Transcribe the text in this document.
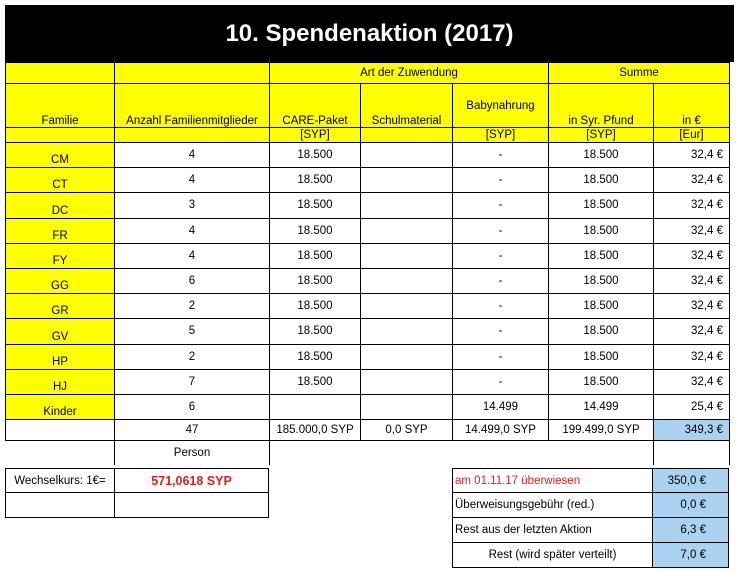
10. Spendenaktion (2017)
		Art der Zuwendung			Summe	
Familie	Anzahl Familienmitglieder	CARE-Paket	Schulmaterial	Babynahrung	in Syr. Pfund	in €
		[SYP]		[SYP]	[SYP]	[Eur]
CM	4	18.500		-	18.500	32,4 €
CT	4	18.500		-	18.500	32,4 €
DC	3	18.500		-	18.500	32,4 €
FR	4	18.500		-	18.500	32,4 €
FY	4	18.500		-	18.500	32,4 €
GG	6	18.500		-	18.500	32,4 €
GR	2	18.500		-	18.500	32,4 €
GV	5	18.500		-	18.500	32,4 €
HP	2	18.500		-	18.500	32,4 €
HJ	7	18.500		-	18.500	32,4 €
Kinder	6			14.499	14.499	25,4 €
	47	185.000,0 SYP	0,0 SYP	14.499,0 SYP	199.499,0 SYP	349,3 €
	Person					
Wechselkurs: 1€=	571,0618 SYP	am 01.11.17 überwiesen	350,0 €
Überweisungsgebühr (red.)	0,0 €
Rest aus der letzten Aktion	6,3 €
Rest (wird später verteilt)	7,0 €
